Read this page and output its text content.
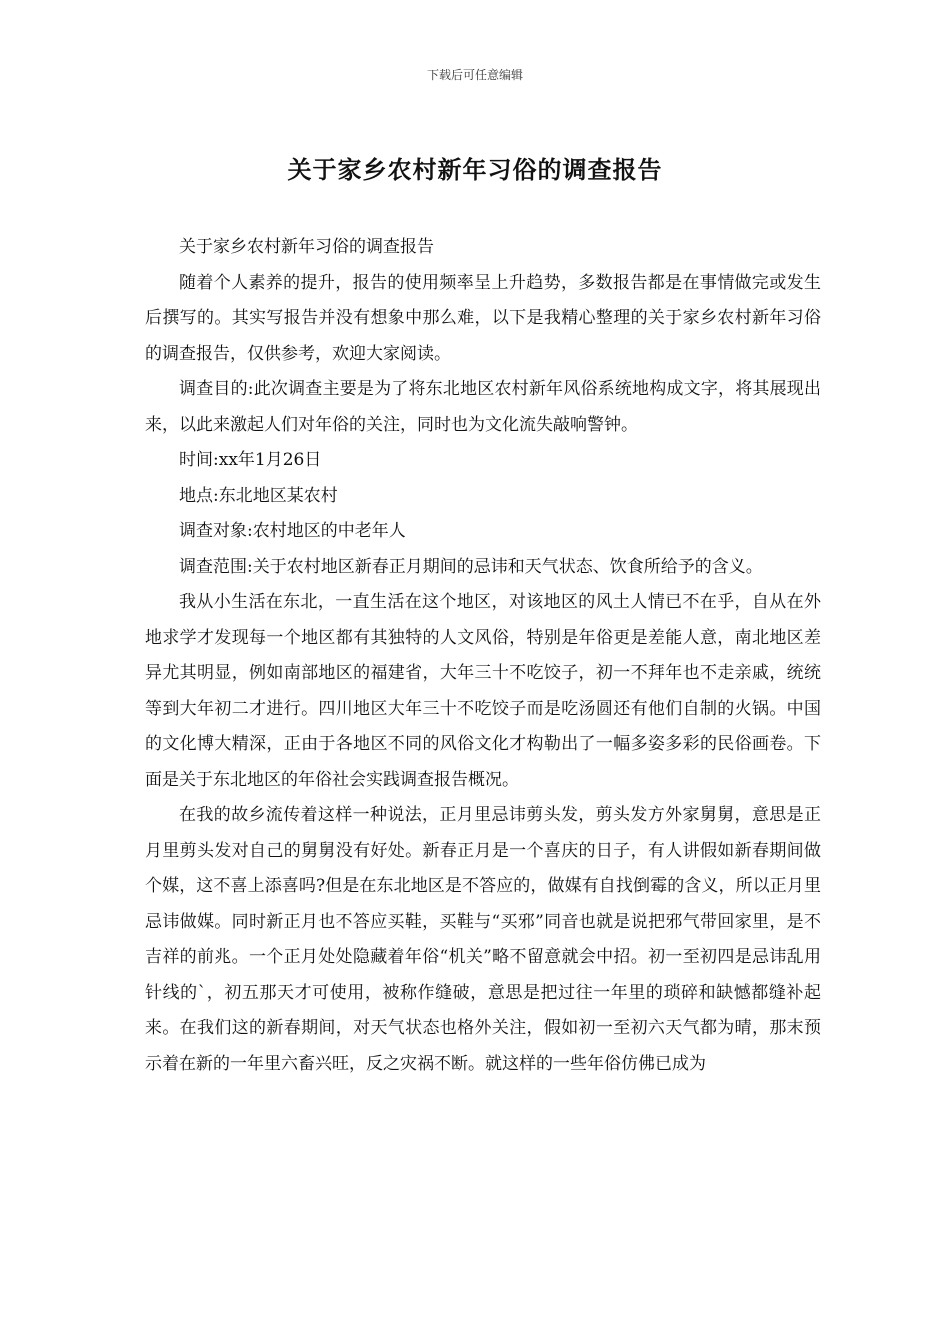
下载后可任意编辑
关于家乡农村新年习俗的调查报告

关于家乡农村新年习俗的调查报告

随着个人素养的提升，报告的使用频率呈上升趋势，多数报告都是在事情做完或发生后撰写的。其实写报告并没有想象中那么难，以下是我精心整理的关于家乡农村新年习俗的调查报告，仅供参考，欢迎大家阅读。

调查目的:此次调查主要是为了将东北地区农村新年风俗系统地构成文字，将其展现出来，以此来激起人们对年俗的关注，同时也为文化流失敲响警钟。

时间:xx年1月26日

地点:东北地区某农村

调查对象:农村地区的中老年人

调查范围:关于农村地区新春正月期间的忌讳和天气状态、饮食所给予的含义。

我从小生活在东北，一直生活在这个地区，对该地区的风土人情已不在乎，自从在外地求学才发现每一个地区都有其独特的人文风俗，特别是年俗更是差能人意，南北地区差异尤其明显，例如南部地区的福建省，大年三十不吃饺子，初一不拜年也不走亲戚，统统等到大年初二才进行。四川地区大年三十不吃饺子而是吃汤圆还有他们自制的火锅。中国的文化博大精深，正由于各地区不同的风俗文化才构勒出了一幅多姿多彩的民俗画卷。下面是关于东北地区的年俗社会实践调查报告概况。

在我的故乡流传着这样一种说法，正月里忌讳剪头发，剪头发方外家舅舅，意思是正月里剪头发对自己的舅舅没有好处。新春正月是一个喜庆的日子，有人讲假如新春期间做个媒，这不喜上添喜吗?但是在东北地区是不答应的，做媒有自找倒霉的含义，所以正月里忌讳做媒。同时新正月也不答应买鞋，买鞋与“买邪”同音也就是说把邪气带回家里，是不吉祥的前兆。一个正月处处隐藏着年俗“机关”略不留意就会中招。初一至初四是忌讳乱用针线的`，初五那天才可使用，被称作缝破，意思是把过往一年里的琐碎和缺憾都缝补起来。在我们这的新春期间，对天气状态也格外关注，假如初一至初六天气都为晴，那末预示着在新的一年里六畜兴旺，反之灾祸不断。就这样的一些年俗仿佛已成为
